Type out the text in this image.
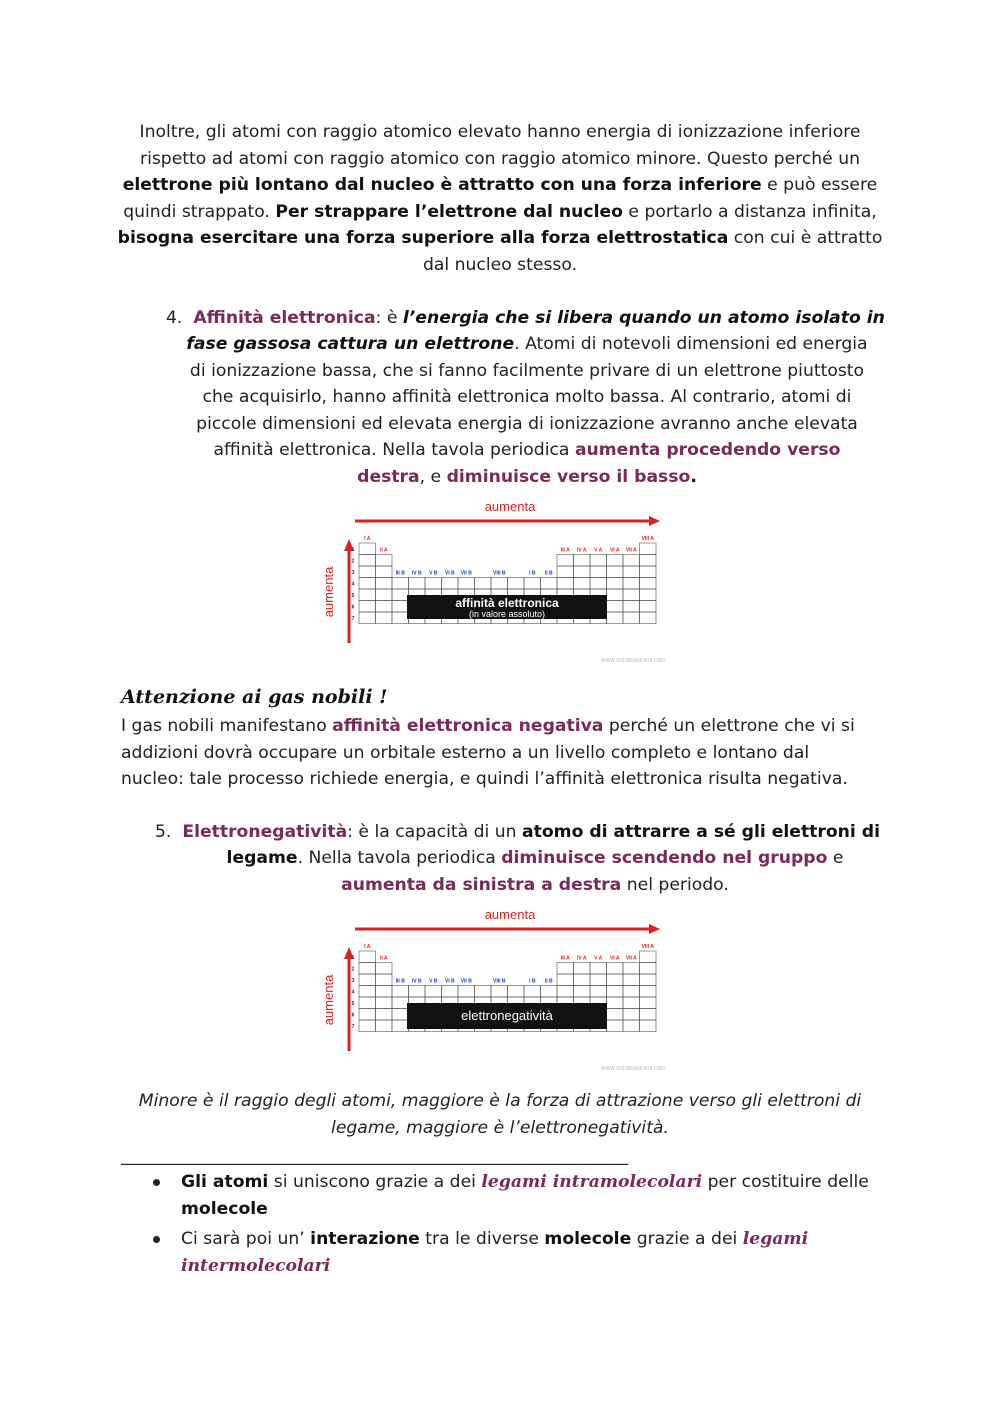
Inoltre, gli atomi con raggio atomico elevato hanno energia di ionizzazione inferiore
rispetto ad atomi con raggio atomico con raggio atomico minore. Questo perché un
elettrone più lontano dal nucleo è attratto con una forza inferiore e può essere
quindi strappato. Per strappare l’elettrone dal nucleo e portarlo a distanza infinita,
bisogna esercitare una forza superiore alla forza elettrostatica con cui è attratto
dal nucleo stesso.
4. Affinità elettronica: è l’energia che si libera quando un atomo isolato in
fase gassosa cattura un elettrone. Atomi di notevoli dimensioni ed energia
di ionizzazione bassa, che si fanno facilmente privare di un elettrone piuttosto
che acquisirlo, hanno affinità elettronica molto bassa. Al contrario, atomi di
piccole dimensioni ed elevata energia di ionizzazione avranno anche elevata
affinità elettronica. Nella tavola periodica aumenta procedendo verso
destra, e diminuisce verso il basso.
aumenta
aumenta
1
2
3
4
5
6
7
I A
II A
III B IV B V B VI B VII B	VIII B	I B II B
III A IV A V A VI A VII A
VIII A
affinità elettronica
(in valore assoluto)
WWW.ANDREAMININI.ORG
Attenzione ai gas nobili !
I gas nobili manifestano affinità elettronica negativa perché un elettrone che vi si
addizioni dovrà occupare un orbitale esterno a un livello completo e lontano dal
nucleo: tale processo richiede energia, e quindi l’affinità elettronica risulta negativa.
5. Elettronegatività: è la capacità di un atomo di attrarre a sé gli elettroni di
legame. Nella tavola periodica diminuisce scendendo nel gruppo e
aumenta da sinistra a destra nel periodo.
aumenta
aumenta
1
2
3
4
5
6
7
I A
II A
III B IV B V B VI B VII B	VIII B	I B II B
III A IV A V A VI A VII A
VIII A
elettronegatività
WWW.ANDREAMININI.ORG
Minore è il raggio degli atomi, maggiore è la forza di attrazione verso gli elettroni di
legame, maggiore è l’elettronegatività.
___________________________________________________________
Gli atomi si uniscono grazie a dei legami intramolecolari per costituire delle
molecole
Ci sarà poi un’ interazione tra le diverse molecole grazie a dei legami
intermolecolari
